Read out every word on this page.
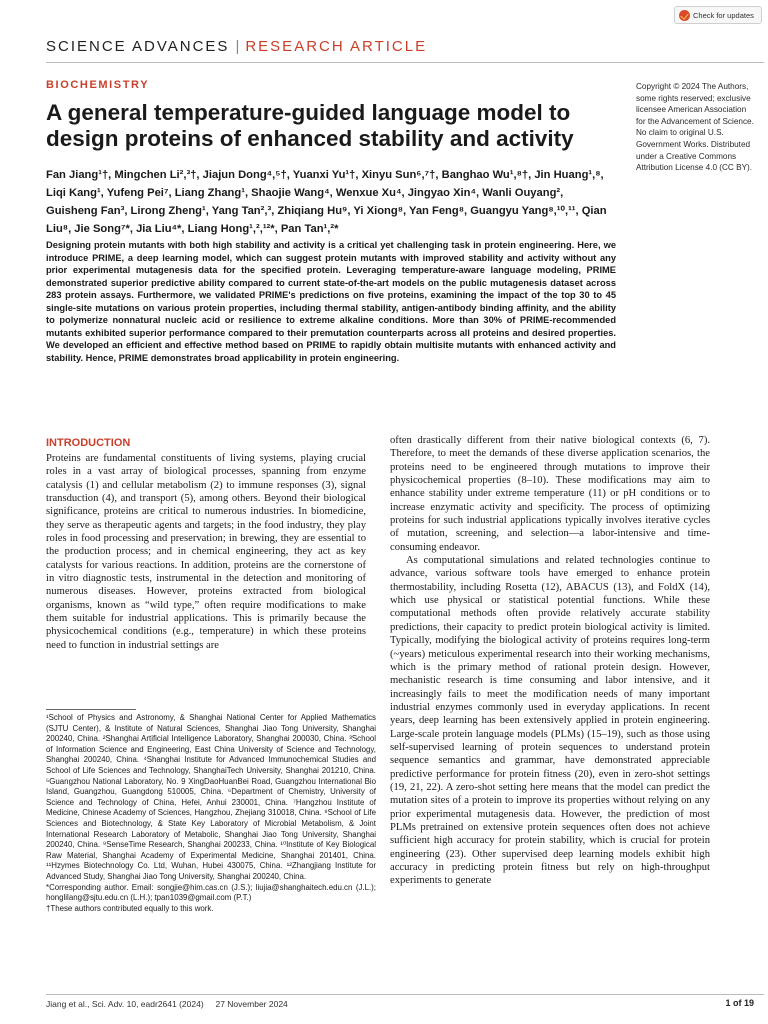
Check for updates
SCIENCE ADVANCES | RESEARCH ARTICLE
BIOCHEMISTRY
A general temperature-guided language model to design proteins of enhanced stability and activity

Fan Jiang¹†, Mingchen Li²,³†, Jiajun Dong⁴,⁵†, Yuanxi Yu¹†, Xinyu Sun⁶,⁷†, Banghao Wu¹,⁸†, Jin Huang¹,⁸, Liqi Kang¹, Yufeng Pei⁷, Liang Zhang¹, Shaojie Wang⁴, Wenxue Xu⁴, Jingyao Xin⁴, Wanli Ouyang², Guisheng Fan³, Lirong Zheng¹, Yang Tan²,³, Zhiqiang Hu⁹, Yi Xiong⁸, Yan Feng⁸, Guangyu Yang⁸,¹⁰,¹¹, Qian Liu⁸, Jie Song⁷*, Jia Liu⁴*, Liang Hong¹,²,¹²*, Pan Tan¹,²*

Copyright © 2024 The Authors, some rights reserved; exclusive licensee American Association for the Advancement of Science. No claim to original U.S. Government Works. Distributed under a Creative Commons Attribution License 4.0 (CC BY).

Designing protein mutants with both high stability and activity is a critical yet challenging task in protein engineering. Here, we introduce PRIME, a deep learning model, which can suggest protein mutants with improved stability and activity without any prior experimental mutagenesis data for the specified protein. Leveraging temperature-aware language modeling, PRIME demonstrated superior predictive ability compared to current state-of-the-art models on the public mutagenesis dataset across 283 protein assays. Furthermore, we validated PRIME's predictions on five proteins, examining the impact of the top 30 to 45 single-site mutations on various protein properties, including thermal stability, antigen-antibody binding affinity, and the ability to polymerize nonnatural nucleic acid or resilience to extreme alkaline conditions. More than 30% of PRIME-recommended mutants exhibited superior performance compared to their premutation counterparts across all proteins and desired properties. We developed an efficient and effective method based on PRIME to rapidly obtain multisite mutants with enhanced activity and stability. Hence, PRIME demonstrates broad applicability in protein engineering.

INTRODUCTION

Proteins are fundamental constituents of living systems, playing crucial roles in a vast array of biological processes, spanning from enzyme catalysis (1) and cellular metabolism (2) to immune responses (3), signal transduction (4), and transport (5), among others. Beyond their biological significance, proteins are critical to numerous industries. In biomedicine, they serve as therapeutic agents and targets; in the food industry, they play roles in food processing and preservation; in brewing, they are essential to the production process; and in chemical engineering, they act as key catalysts for various reactions. In addition, proteins are the cornerstone of in vitro diagnostic tests, instrumental in the detection and monitoring of numerous diseases. However, proteins extracted from biological organisms, known as “wild type,” often require modifications to make them suitable for industrial applications. This is primarily because the physicochemical conditions (e.g., temperature) in which these proteins need to function in industrial settings are

often drastically different from their native biological contexts (6, 7). Therefore, to meet the demands of these diverse application scenarios, the proteins need to be engineered through mutations to improve their physicochemical properties (8–10). These modifications may aim to enhance stability under extreme temperature (11) or pH conditions or to increase enzymatic activity and specificity. The process of optimizing proteins for such industrial applications typically involves iterative cycles of mutation, screening, and selection—a labor-intensive and time-consuming endeavor.

As computational simulations and related technologies continue to advance, various software tools have emerged to enhance protein thermostability, including Rosetta (12), ABACUS (13), and FoldX (14), which use physical or statistical potential functions. While these computational methods often provide relatively accurate stability predictions, their capacity to predict protein biological activity is limited. Typically, modifying the biological activity of proteins requires long-term (~years) meticulous experimental research into their working mechanisms, which is the primary method of rational protein design. However, mechanistic research is time consuming and labor intensive, and it increasingly fails to meet the modification needs of many important industrial enzymes commonly used in everyday applications. In recent years, deep learning has been extensively applied in protein engineering. Large-scale protein language models (PLMs) (15–19), such as those using self-supervised learning of protein sequences to understand protein sequence semantics and grammar, have demonstrated appreciable predictive performance for protein fitness (20), even in zero-shot settings (19, 21, 22). A zero-shot setting here means that the model can predict the mutation sites of a protein to improve its properties without relying on any prior experimental mutagenesis data. However, the prediction of most PLMs pretrained on extensive protein sequences often does not achieve sufficient high accuracy for protein stability, which is crucial for protein engineering (23). Other supervised deep learning models exhibit high accuracy in predicting protein fitness but rely on high-throughput experiments to generate

¹School of Physics and Astronomy, & Shanghai National Center for Applied Mathematics (SJTU Center), & Institute of Natural Sciences, Shanghai Jiao Tong University, Shanghai 200240, China. ²Shanghai Artificial Intelligence Laboratory, Shanghai 200030, China. ³School of Information Science and Engineering, East China University of Science and Technology, Shanghai 200240, China. ⁴Shanghai Institute for Advanced Immunochemical Studies and School of Life Sciences and Technology, ShanghaiTech University, Shanghai 201210, China. ⁵Guangzhou National Laboratory, No. 9 XingDaoHuanBei Road, Guangzhou International Bio Island, Guangzhou, Guangdong 510005, China. ⁶Department of Chemistry, University of Science and Technology of China, Hefei, Anhui 230001, China. ⁷Hangzhou Institute of Medicine, Chinese Academy of Sciences, Hangzhou, Zhejiang 310018, China. ⁸School of Life Sciences and Biotechnology, & State Key Laboratory of Microbial Metabolism, & Joint International Research Laboratory of Metabolic, Shanghai Jiao Tong University, Shanghai 200240, China. ⁹SenseTime Research, Shanghai 200233, China. ¹⁰Institute of Key Biological Raw Material, Shanghai Academy of Experimental Medicine, Shanghai 201401, China. ¹¹Hzymes Biotechnology Co. Ltd, Wuhan, Hubei 430075, China. ¹²Zhangjiang Institute for Advanced Study, Shanghai Jiao Tong University, Shanghai 200240, China.

*Corresponding author. Email: songjie@him.cas.cn (J.S.); liujia@shanghaitech.edu.cn (J.L.); honglilang@sjtu.edu.cn (L.H.); tpan1039@gmail.com (P.T.)

†These authors contributed equally to this work.

Jiang et al., Sci. Adv. 10, eadr2641 (2024)     27 November 2024	1 of 19
